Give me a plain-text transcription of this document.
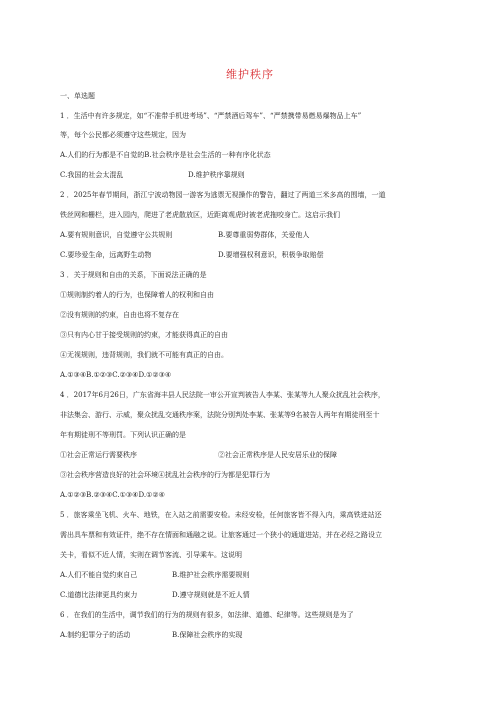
维护秩序
一、单选题
1 ．生活中有许多规定，如“不准带手机进考场”、“严禁酒后驾车”、“严禁携带易燃易爆物品上车”
等，每个公民都必须遵守这些规定，因为
A.人们的行为都是不自觉的B.社会秩序是社会生活的一种有序化状态
C.我国的社会太混乱	D.维护秩序靠规则
2 ．2025年春节期间，浙江宁波动物园一游客为逃票无视操作的警告，翻过了两道三米多高的围墙，一道
铁丝网和栅栏，进入园内，爬进了老虎散放区，近距离观虎时被老虎拖咬身亡。这启示我们
A.要有规则意识，自觉遵守公共规则	B.要尊重弱势群体，关爱他人
C.要珍爱生命，远离野生动物	D.要增强权利意识，积极争取赔偿
3 ．关于规则和自由的关系，下面说法正确的是
①规则制约着人的行为，也保障着人的权利和自由
②没有规则的约束，自由也将不复存在
③只有内心甘于接受规则的约束，才能获得真正的自由
④无视规则，违背规则，我们就不可能有真正的自由。
A.①③④B.①②③C.②③④D.①②③④
4 ．2017年6月26日，广东省海丰县人民法院一审公开宣判被告人李某、张某等九人聚众扰乱社会秩序，
非法集会、游行、示威，聚众扰乱交通秩序案，法院分别判处李某、张某等9名被告人两年有期徒刑至十
年有期徒刑不等刑罚。下列认识正确的是
①社会正常运行需要秩序	②社会正常秩序是人民安居乐业的保障
③社会秩序营造良好的社会环境④扰乱社会秩序的行为都是犯罪行为
A.①②③B.②③④C.①③④D.①②④
5 ．旅客乘坐飞机、火车、地铁，在入站之前需要安检。未经安检，任何旅客皆不得入内，乘高铁进站还
需出具车票和有效证件，绝不存在情面和通融之说。让旅客通过一个狭小的通道进站，并在必经之路设立
关卡，看似不近人情，实则在调节客流、引导乘车。这说明
A.人们不能自觉约束自己	B.维护社会秩序需要规则
C.道德比法律更具约束力	D.遵守规则就是不近人情
6 ．在我们的生活中，调节我们的行为的规则有很多，如法律、道德、纪律等。这些规则是为了
A.制约犯罪分子的活动	B.保障社会秩序的实现
